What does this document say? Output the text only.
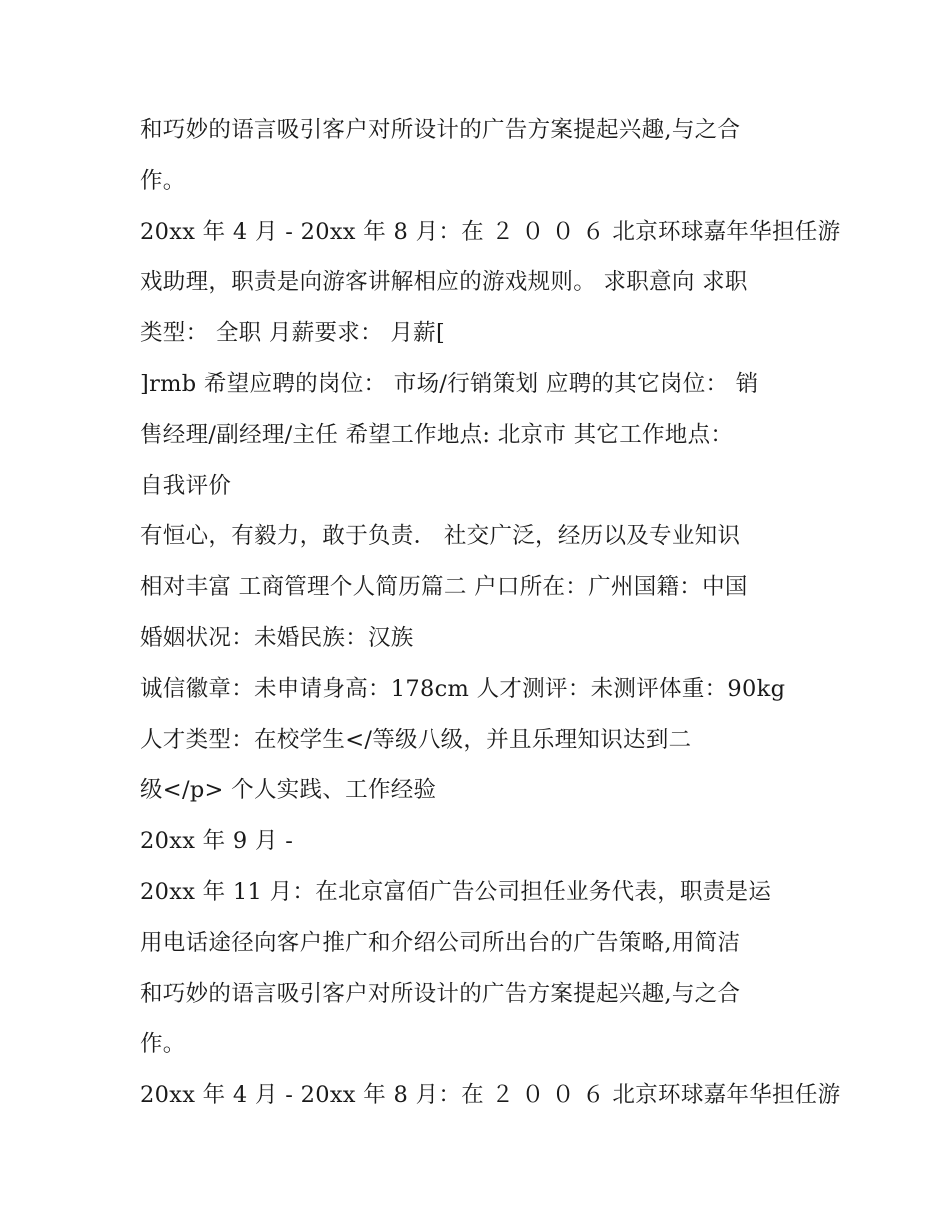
和巧妙的语言吸引客户对所设计的广告方案提起兴趣,与之合
作。
20xx 年 4 月 - 20xx 年 8 月：在 ２ ０ ０ ６ 北京环球嘉年华担任游
戏助理，职责是向游客讲解相应的游戏规则。 求职意向 求职
类型： 全职 月薪要求： 月薪[
]rmb 希望应聘的岗位： 市场/行销策划 应聘的其它岗位： 销
售经理/副经理/主任 希望工作地点: 北京市 其它工作地点：
自我评价
有恒心，有毅力，敢于负责． 社交广泛，经历以及专业知识
相对丰富 工商管理个人简历篇二 户口所在：广州国籍：中国
婚姻状况：未婚民族：汉族
诚信徽章：未申请身高：178cm 人才测评：未测评体重：90kg
人才类型：在校学生</等级八级，并且乐理知识达到二
级</p> 个人实践、工作经验
20xx 年 9 月 -
20xx 年 11 月：在北京富佰广告公司担任业务代表，职责是运
用电话途径向客户推广和介绍公司所出台的广告策略,用简洁
和巧妙的语言吸引客户对所设计的广告方案提起兴趣,与之合
作。
20xx 年 4 月 - 20xx 年 8 月：在 ２ ０ ０ ６ 北京环球嘉年华担任游
